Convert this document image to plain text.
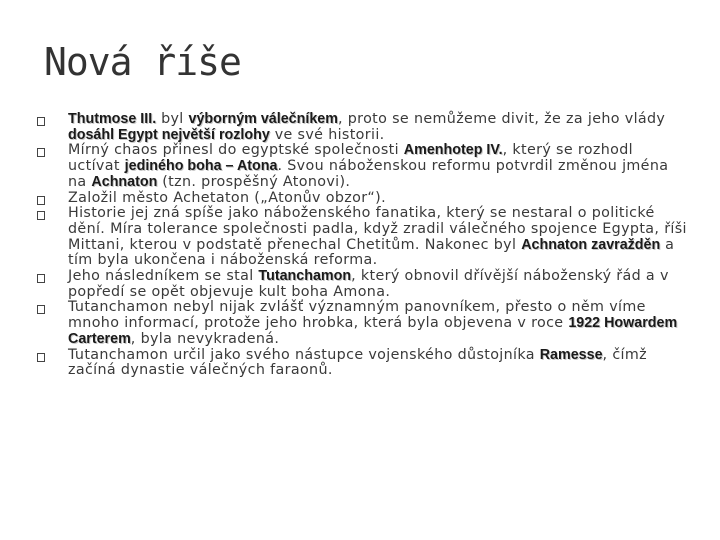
Nová říše
Thutmose III. byl výborným válečníkem, proto se nemůžeme divit, že za jeho vlády dosáhl Egypt největší rozlohy ve své historii.
Mírný chaos přinesl do egyptské společnosti Amenhotep IV., který se rozhodl uctívat jediného boha – Atona. Svou náboženskou reformu potvrdil změnou jména na Achnaton (tzn. prospěšný Atonovi).
Založil město Achetaton („Atonův obzor“).
Historie jej zná spíše jako náboženského fanatika, který se nestaral o politické dění. Míra tolerance společnosti padla, když zradil válečného spojence Egypta, říši Mittani, kterou v podstatě přenechal Chetitům. Nakonec byl Achnaton zavražděn a tím byla ukončena i náboženská reforma.
Jeho následníkem se stal Tutanchamon, který obnovil dřívější náboženský řád a v popředí se opět objevuje kult boha Amona.
Tutanchamon nebyl nijak zvlášť významným panovníkem, přesto o něm víme mnoho informací, protože jeho hrobka, která byla objevena v roce 1922 Howardem Carterem, byla nevykradená.
Tutanchamon určil jako svého nástupce vojenského důstojníka Ramesse, čímž začíná dynastie válečných faraonů.
